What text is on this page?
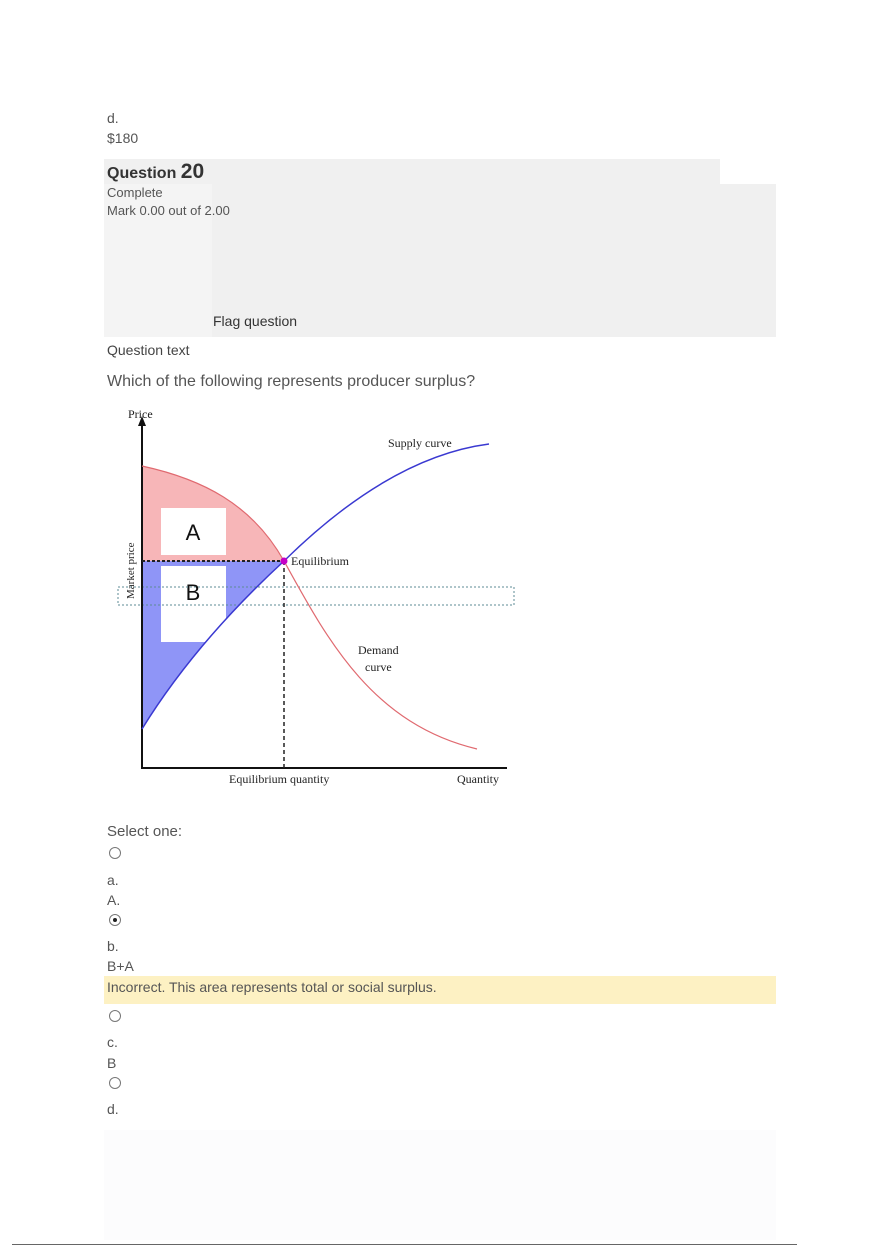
d.
$180
Question 20
Complete
Mark 0.00 out of 2.00
Flag question
Question text
Which of the following represents producer surplus?
A
B
Price
Market price	Equilibrium
Supply curve
Demand
curve
Equilibrium quantity	Quantity
Select one:
a.
A.
b.
B+A
Incorrect. This area represents total or social surplus.
c.
B
d.
